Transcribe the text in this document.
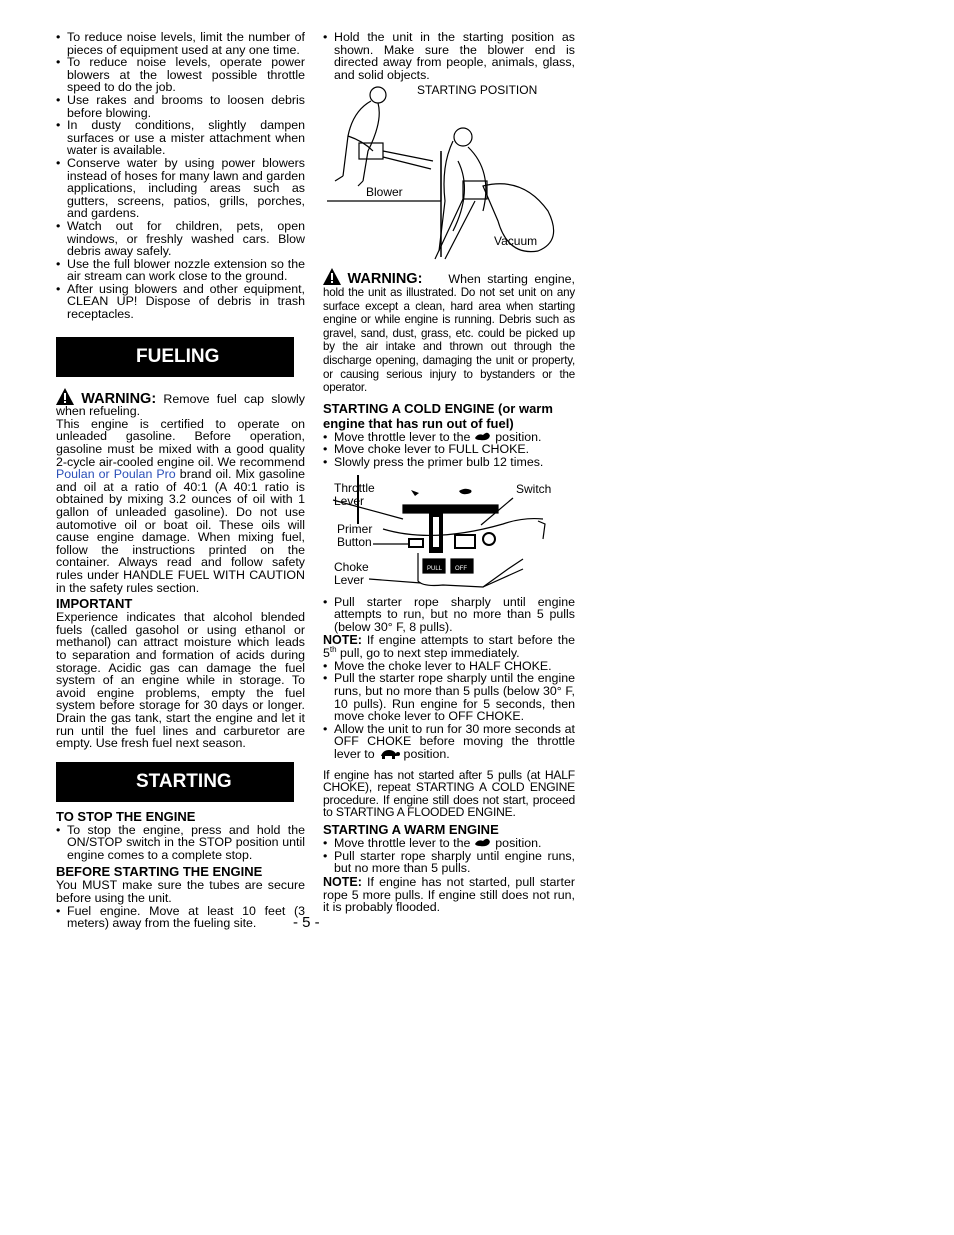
• To reduce noise levels, limit the number of pieces of equipment used at any one time.
• To reduce noise levels, operate power blowers at the lowest possible throttle speed to do the job.
• Use rakes and brooms to loosen debris before blowing.
• In dusty conditions, slightly dampen surfaces or use a mister attachment when water is available.
• Conserve water by using power blowers instead of hoses for many lawn and garden applications, including areas such as gutters, screens, patios, grills, porches, and gardens.
• Watch out for children, pets, open windows, or freshly washed cars. Blow debris away safely.
• Use the full blower nozzle extension so the air stream can work close to the ground.
• After using blowers and other equipment, CLEAN UP! Dispose of debris in trash receptacles.
FUELING

WARNING: Remove fuel cap slowly when refueling.

This engine is certified to operate on unleaded gasoline. Before operation, gasoline must be mixed with a good quality 2-cycle air-cooled engine oil. We recommend Poulan or Poulan Pro brand oil. Mix gasoline and oil at a ratio of 40:1 (A 40:1 ratio is obtained by mixing 3.2 ounces of oil with 1 gallon of unleaded gasoline). Do not use automotive oil or boat oil. These oils will cause engine damage. When mixing fuel, follow the instructions printed on the container. Always read and follow safety rules under HANDLE FUEL WITH CAUTION in the safety rules section.

IMPORTANT

Experience indicates that alcohol blended fuels (called gasohol or using ethanol or methanol) can attract moisture which leads to separation and formation of acids during storage. Acidic gas can damage the fuel system of an engine while in storage. To avoid engine problems, empty the fuel system before storage for 30 days or longer. Drain the gas tank, start the engine and let it run until the fuel lines and carburetor are empty. Use fresh fuel next season.

STARTING
TO STOP THE ENGINE
• To stop the engine, press and hold the ON/STOP switch in the STOP position until engine comes to a complete stop.
BEFORE STARTING THE ENGINE

You MUST make sure the tubes are secure before using the unit.

• Fuel engine. Move at least 10 feet (3 meters) away from the fueling site.
• Hold the unit in the starting position as shown. Make sure the blower end is directed away from people, animals, glass, and solid objects.
STARTING POSITION
Blower
Vacuum

WARNING: When starting engine, hold the unit as illustrated. Do not set unit on any surface except a clean, hard area when starting engine or while engine is running. Debris such as gravel, sand, dust, grass, etc. could be picked up by the air intake and thrown out through the discharge opening, damaging the unit or property, or causing serious injury to bystanders or the operator.

STARTING A COLD ENGINE (or warm engine that has run out of fuel)
• Move throttle lever to the position.
• Move choke lever to FULL CHOKE.
• Slowly press the primer bulb 12 times.
PULL OFF
Throttle Lever
Switch
Primer Button
Choke Lever
• Pull starter rope sharply until engine attempts to run, but no more than 5 pulls (below 30° F, 8 pulls).

NOTE: If engine attempts to start before the 5th pull, go to next step immediately.

• Move the choke lever to HALF CHOKE.
• Pull the starter rope sharply until the engine runs, but no more than 5 pulls (below 30° F, 10 pulls). Run engine for 5 seconds, then move choke lever to OFF CHOKE.
• Allow the unit to run for 30 more seconds at OFF CHOKE before moving the throttle lever to position.

If engine has not started after 5 pulls (at HALF CHOKE), repeat STARTING A COLD ENGINE procedure. If engine still does not start, proceed to STARTING A FLOODED ENGINE.

STARTING A WARM ENGINE
• Move throttle lever to the position.
• Pull starter rope sharply until engine runs, but no more than 5 pulls.

NOTE: If engine has not started, pull starter rope 5 more pulls. If engine still does not run, it is probably flooded.

- 5 -
